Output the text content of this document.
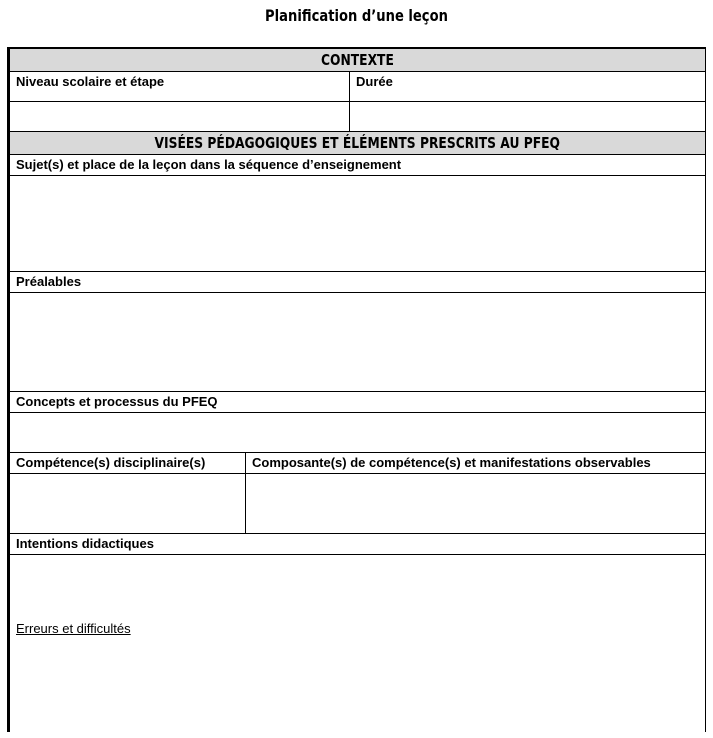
Planification d’une leçon
CONTEXTE
Niveau scolaire et étape	Durée
VISÉES PÉDAGOGIQUES ET ÉLÉMENTS PRESCRITS AU PFEQ
Sujet(s) et place de la leçon dans la séquence d’enseignement
Préalables
Concepts et processus du PFEQ
Compétence(s) disciplinaire(s)	Composante(s) de compétence(s) et manifestations observables
Intentions didactiques
Erreurs et difficultés
